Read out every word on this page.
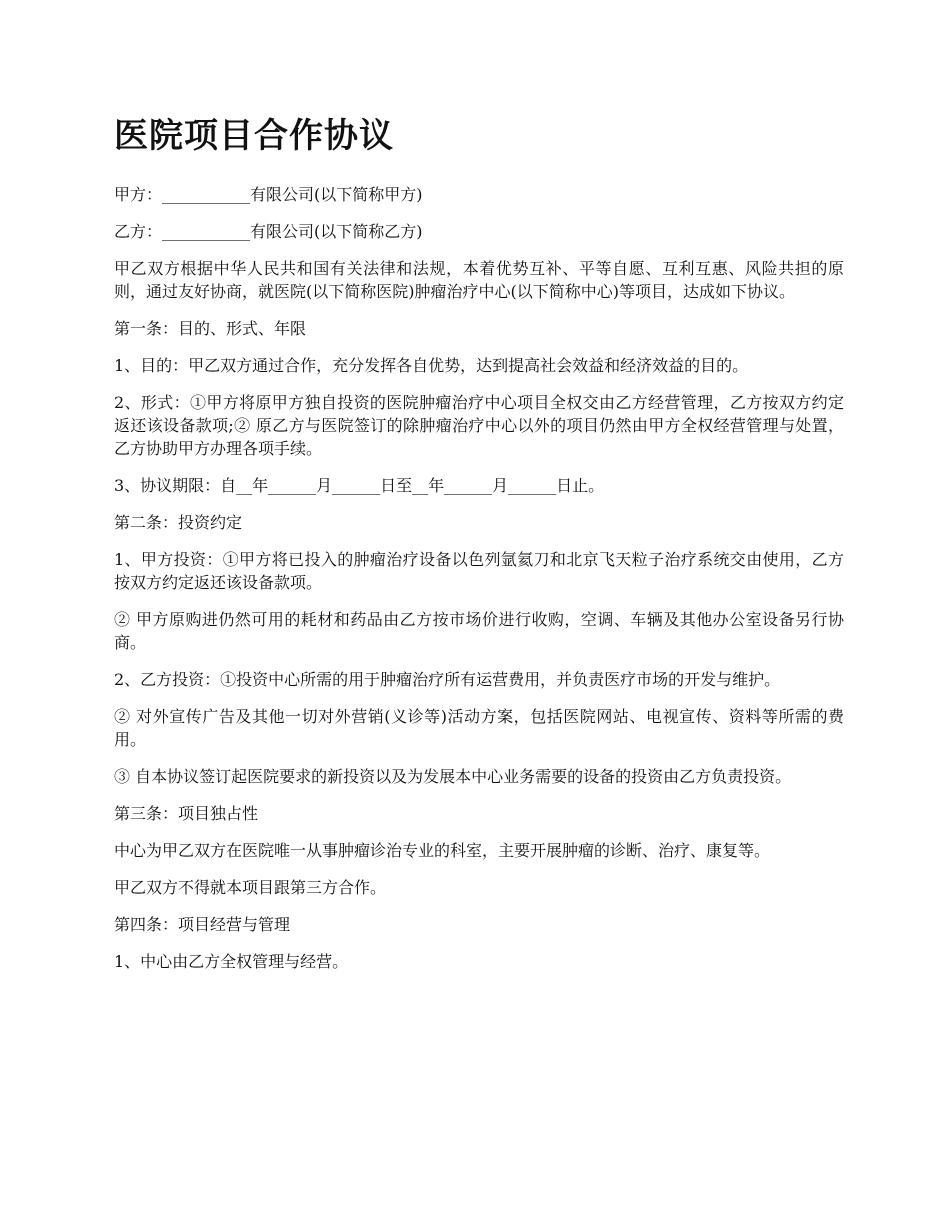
医院项目合作协议

甲方：___________有限公司(以下简称甲方)

乙方：___________有限公司(以下简称乙方)

甲乙双方根据中华人民共和国有关法律和法规，本着优势互补、平等自愿、互利互惠、风险共担的原则，通过友好协商，就医院(以下简称医院)肿瘤治疗中心(以下简称中心)等项目，达成如下协议。

第一条：目的、形式、年限

1、目的：甲乙双方通过合作，充分发挥各自优势，达到提高社会效益和经济效益的目的。

2、形式：①甲方将原甲方独自投资的医院肿瘤治疗中心项目全权交由乙方经营管理，乙方按双方约定返还该设备款项;② 原乙方与医院签订的除肿瘤治疗中心以外的项目仍然由甲方全权经营管理与处置，乙方协助甲方办理各项手续。

3、协议期限：自__年______月______日至__年______月______日止。

第二条：投资约定

1、甲方投资：①甲方将已投入的肿瘤治疗设备以色列氩氦刀和北京飞天粒子治疗系统交由使用，乙方按双方约定返还该设备款项。

② 甲方原购进仍然可用的耗材和药品由乙方按市场价进行收购，空调、车辆及其他办公室设备另行协商。

2、乙方投资：①投资中心所需的用于肿瘤治疗所有运营费用，并负责医疗市场的开发与维护。

② 对外宣传广告及其他一切对外营销(义诊等)活动方案，包括医院网站、电视宣传、资料等所需的费用。

③ 自本协议签订起医院要求的新投资以及为发展本中心业务需要的设备的投资由乙方负责投资。

第三条：项目独占性

中心为甲乙双方在医院唯一从事肿瘤诊治专业的科室，主要开展肿瘤的诊断、治疗、康复等。

甲乙双方不得就本项目跟第三方合作。

第四条：项目经营与管理

1、中心由乙方全权管理与经营。
